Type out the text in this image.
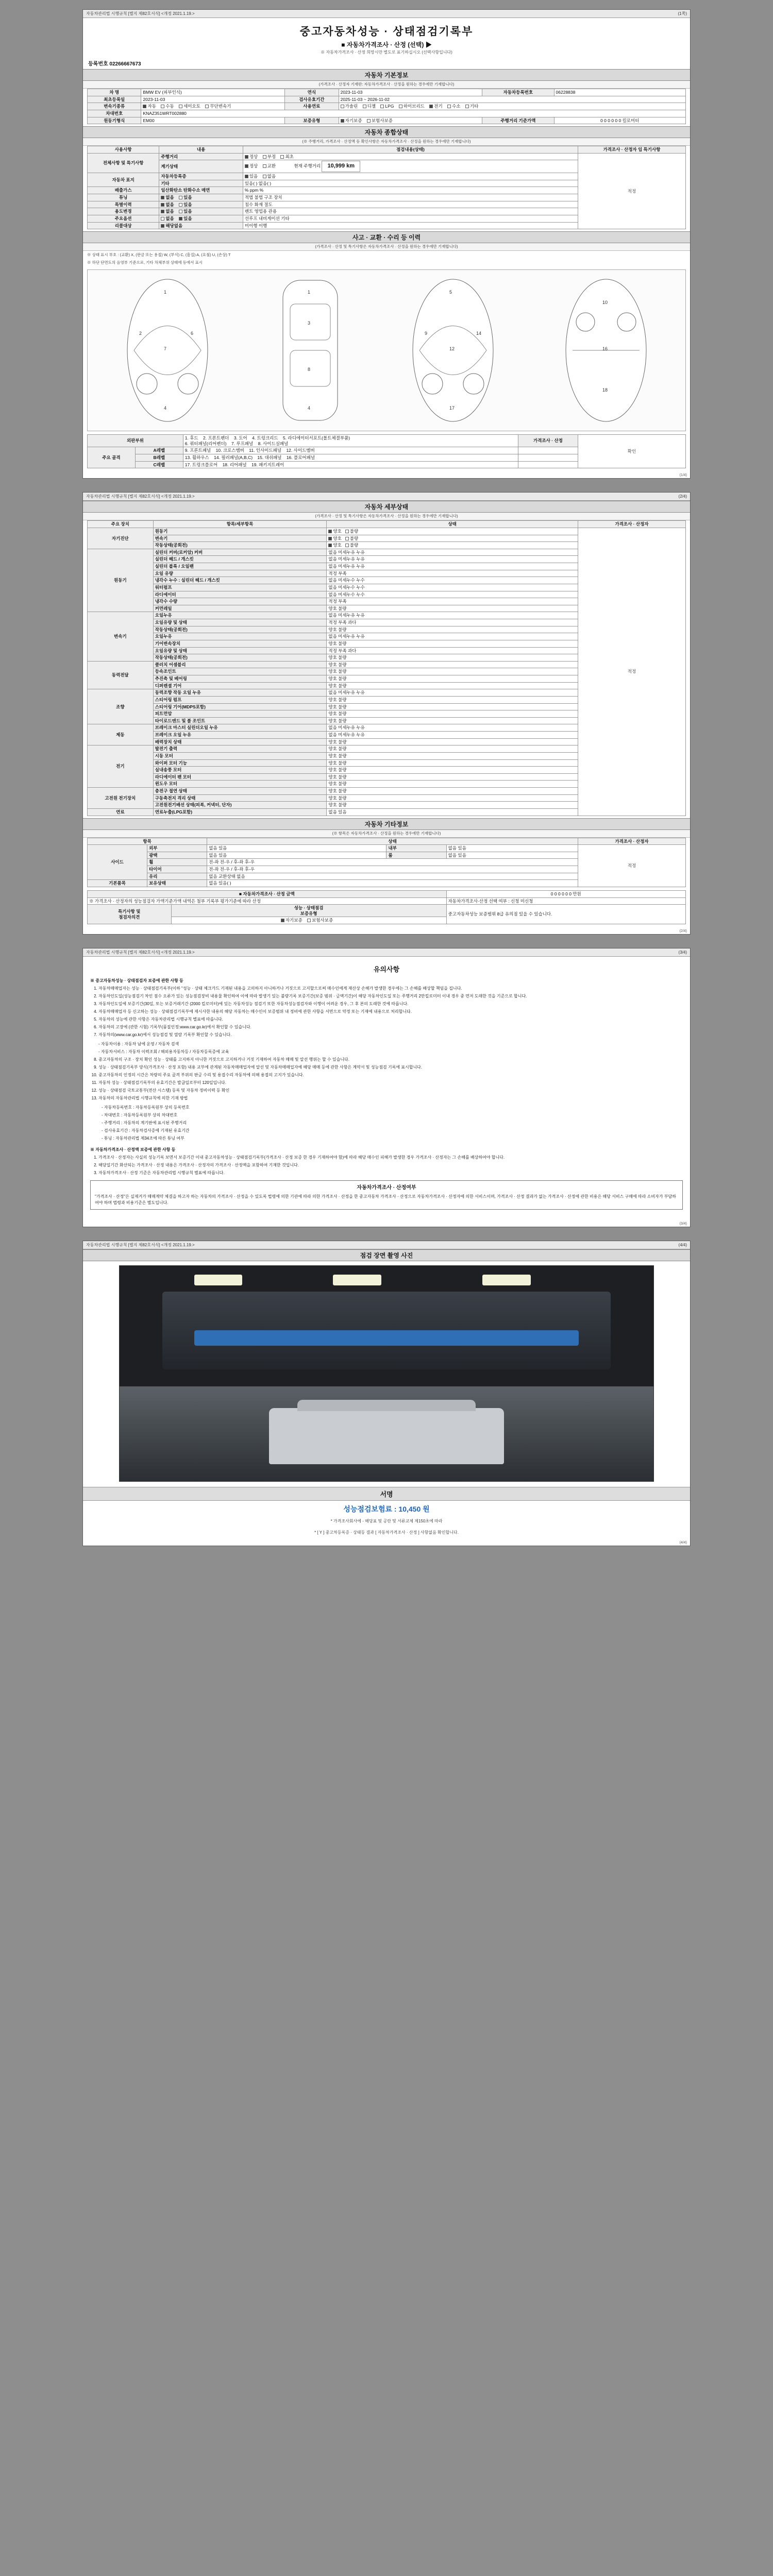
자동차관리법 시행규칙 [별지 제82호서식] <개정 2021.1.19.>	(1쪽)
중고자동차성능 · 상태점검기록부
■ 자동차가격조사 · 산정 (선택) ▶
※ 자동차가격조사 · 산정 희망시만 별도로 표기하십시오 (선택사항입니다)
등록번호 02266667673
자동차 기본정보
(가격조사 · 산정자 기재란: 자동차가격조사 · 산정을 원하는 경우에만 기재합니다)
차 명	BMW EV (피부인식)	연식	2023-11-03	자동차등록번호	06228838
최초등록일	2023-11-03	검사유효기간	2025-11-03 ~ 2026-11-02		
변속기종류	자동 수동 세미오토 무단변속기	사용연료	가솔린 디젤 LPG 하이브리드 전기 수소 기타		
차대번호	KNAZ351WRT002880				
원동기형식	EM00	보증유형	자기보증 보험사보증	주행거리 기준가액	0 0 0 0 0 0 킬로미터
자동차 종합상태
(※ 주행거리, 가격조사 · 산정액 등 확인사항은 자동차가격조사 · 산정을 원하는 경우에만 기재합니다)
사용사항	내용	점검내용(상태)	가격조사 · 산정자 임 특기사항
전체사항 및 특기사항	주행거리	정상 부정 최초	적정
	계기상태	정상 교환 현재 주행거리 10,999 km	
자동차 표지	자동차등록증	있음 없음	
	기타	있음( ) 없음( )	
배출가스	일산화탄소 탄화수소 매연	% ppm %	
튜닝	없음 있음	적법 불법 구조 장치	
특별이력	없음 있음	침수 화재 절도	
용도변경	없음 있음	렌트 영업용 관용	
주요옵션	없음 있음	선루프 내비게이션 기타	
리콜대상	해당없음	미이행 이행	
사고 · 교환 · 수리 등 이력
(가격조사 · 산정 및 특기사항은 자동차가격조사 · 산정을 원하는 경우에만 기재합니다)
※ 상태 표시 부호 : (교환) X, (판금 또는 용접) W, (부식) C, (흠집) A, (요철) U, (손상) T
※ 하단 단면도의 음영부 기준으로, 기타 차체부위 상태에 등에서 표시
1
2
7
6
4
1
3
8
4
5
9
12
14
17
10
16
18
외판부위		1. 후드 2. 프론트펜더 3. 도어 4. 트렁크리드 5. 라디에이터서포트(볼트체결부품)
6. 쿼터패널(리어펜더) 7. 루프패널 8. 사이드실패널	가격조사 · 산정	확인
주요 골격	A레벨	9. 프론트패널 10. 크로스멤버 11. 인사이드패널 12. 사이드멤버		
	B레벨	13. 휠하우스 14. 필러패널(A,B,C) 15. 대쉬패널 16. 플로어패널		
	C레벨	17. 트렁크플로어 18. 리어패널 19. 패키지트레이		
(1/4)
자동차관리법 시행규칙 [별지 제82호서식] <개정 2021.1.19.>	(2/4)
자동차 세부상태
(가격조사 · 산정 및 특기사항은 자동차가격조사 · 산정을 원하는 경우에만 기재합니다)
주요 장치	항목/세부항목	상태	가격조사 · 산정자
자기진단	원동기	양호 불량	적정
	변속기	양호 불량	
	작동상태(공회전)	양호 불량	
원동기	실린더 커버(로커암) 커버	없음 미세누유 누유	
	실린더 헤드 / 개스킷	없음 미세누유 누유	
	실린더 블록 / 오일팬	없음 미세누유 누유	
	오일 유량	적정 부족	
	냉각수 누수 : 실린더 헤드 / 개스킷	없음 미세누수 누수	
	워터펌프	없음 미세누수 누수	
	라디에이터	없음 미세누수 누수	
	냉각수 수량	적정 부족	
	커먼레일	양호 불량	
변속기	오일누유	없음 미세누유 누유	
	오일유량 및 상태	적정 부족 과다	
	작동상태(공회전)	양호 불량	
	오일누유	없음 미세누유 누유	
	기어변속장치	양호 불량	
	오일유량 및 상태	적정 부족 과다	
	작동상태(공회전)	양호 불량	
동력전달	클러치 어셈블리	양호 불량	
	등속조인트	양호 불량	
	추진축 및 베어링	양호 불량	
	디퍼렌셜 기어	양호 불량	
조향	동력조향 작동 오일 누유	없음 미세누유 누유	
	스티어링 펌프	양호 불량	
	스티어링 기어(MDPS포함)	양호 불량	
	피트먼암	양호 불량	
	타이로드엔드 및 볼 조인트	양호 불량	
제동	브레이크 마스터 실린더오일 누유	없음 미세누유 누유	
	브레이크 오일 누유	없음 미세누유 누유	
	배력장치 상태	양호 불량	
전기	발전기 출력	양호 불량	
	시동 모터	양호 불량	
	와이퍼 모터 기능	양호 불량	
	실내송풍 모터	양호 불량	
	라디에이터 팬 모터	양호 불량	
	윈도우 모터	양호 불량	
고전원 전기장치	충전구 절연 상태	양호 불량	
	구동축전지 격리 상태	양호 불량	
	고전원전기배선 상태(피복, 커넥터, 단자)	양호 불량	
연료	연료누출(LPG포함)	없음 있음	
자동차 기타정보
(※ 항목은 자동차가격조사 · 산정을 원하는 경우에만 기재합니다)
항목		상태			가격조사 · 산정자
사이드	외부	없음 있음	내부	없음 있음	적정
	광택	없음 있음	룸	없음 있음	
	휠	전-좌 전-우 / 후-좌 후-우			
	타이어	전-좌 전-우 / 후-좌 후-우			
	유리	없음 교환상태 없음			
기본품목	보유상태	없음 있음( )			
■ 자동차가격조사 · 산정 금액		0 0 0 0 0 0 만원
※ 가격조사 · 산정자의 성능점검자 가액기준가액 내역은 첨부 기록부 평가기준에 따라 산정		자동차가격조사·산정 선택 여부 : 신청 미신청
특기사항 및
점검자의견	성능 · 상태점검
보증유형	중고자동차성능 보증범위 8급 유의점 있을 수 있습니다.
	자기보증 보험사보증	
(2/4)
자동차관리법 시행규칙 [별지 제82호서식] <개정 2021.1.19.>	(3/4)
유의사항

※ 중고자동차성능 · 상태점검자 보증에 관한 사항 등

1. 자동차매매업자는 성능 · 상태점검기록부(이하 "성능 · 상태 체크카드 기재된 내용을 고의하지 아니하거나 거짓으로 고지할으로써 매수인에게 재산상 손해가 발생한 경우에는 그 손해를 배상할 책임을 집니다.
2. 자동차인도일(성능점검기 차인 점수 오류가 있는 성능점검장비 내용물 확인하여 이에 따라 발생기 있는 불량기록 보증기간(보증 범위 · 금액기간)이 해당 자동차인도일 또는 주행거리 2만킬로미터 이내 경우 중 먼저 도래한 것을 기준으로 합니다.
3. 자동차인도일에 보증기간(30일, 또는 보증거래기간 (2000 킬로미터)에 있는 자동차성능 점검기 또한 자동차성능점검자와 이행이 어려운 경우, 그 후 본의 도래한 것에 따릅니다.
4. 자동차매매업자 등 신고하는 성능 · 상태점검기록부에 제시사한 내용의 해당 자동차는 매수인이 보증범위 내 정비에 관한 사항을 서면으로 약정 또는 기재에 내용으로 처리합니다.
5. 자동차의 성능에 관한 사항은 자동차관리법 시행규칙 별표에 따릅니다.
6. 자동차의 고장에 (관한 시험) 기록부(품질인정:www.car.go.kr)에서 확인할 수 있습니다.
7. 자동차의(www.car.go.kr)에서 성능점검 및 열람 기록부 확인할 수 있습니다.

- 자동차이용 : 자동차 남에 운영 / 자동차 검색

- 자동차서비스 : 자동차 이력조회 / 해외용자동차등 / 자동차등록증에 교육

8. 중고자동차의 구조 · 장치 확인 성능 · 상태를 고지하지 아니한 거짓으로 고지하거나 거짓 기재하여 자동차 매매 및 알선 행위는 할 수 있습니다.
9. 성능 · 상태점검기록부 양식(가격조사 · 산정 포함) 내용 교부에 관계된 자동차매매업자에 알선 및 자동차매매업자에 해당 매매 등에 관한 사항은 계약서 및 성능점검 기록에 표시합니다.
10. 중고자동차의 인정의 시간은 차량의 주요 골격 부위의 판금 수리 및 용접수리 자동차에 의해 용접의 고지가 있습니다.
11. 자동차 성능 · 상태점검기록부의 유효기간은 발급일로부터 120일입니다.
12. 성능 · 상태점검 국토교통부(전산 시스템) 등록 및 자동차 정비이력 등 확인
13. 자동차의 자동차관리법 시행규칙에 의한 기재 방법

- 자동차등록번호 : 자동차등록원부 상의 등록번호

- 차대번호 : 자동차등록원부 상의 차대번호

- 주행거리 : 자동차의 계기판에 표시된 주행거리

- 검사유효기간 : 자동차검사증에 기재된 유효기간

- 튜닝 : 자동차관리법 제34조에 따른 튜닝 여부

※ 자동차가격조사 · 산정액 보증에 관한 사항 등

1. 가격조사 · 산정자는 사실의 성능기록 보면서 보증기간 이내 중고자동차성능 · 상태점검기록부(가격조사 · 산정 보증 한 경우 기재하여야 함)에 따라 해당 매수인 피해가 발생한 경우 가격조사 · 산정자는 그 손해를 배상하여야 합니다.
2. 해당일기간 화산되는 가격조사 · 산정 내용은 가격조사 · 산정자의 가격조사 · 산정액을 포함하여 기재한 것입니다.
3. 자동차가격조사 · 산정 기준은 자동차관리법 시행규칙 별표에 따릅니다.
자동차가격조사 · 산정여부
"가격조사 · 산정"은 실제거가 매매계약 체결을 하고자 하는 자동차의 가격조사 · 산정을 수 있도록 법령에 의한 기관에 따라 의한 가격조사 · 산정을 한 중고자동차 가격조사 · 산정으로 자동차가격조사 · 산정자에 의한 서비스이며, 가격조사 · 산정 결과가 없는 가격조사 · 산정에 관한 비용은 해당 서비스 구매에 따라 소비자가 부담하여야 하며 법령과 비용기준은 별도입니다.
(3/4)
자동차관리법 시행규칙 [별지 제82호서식] <개정 2021.1.19.>	(4/4)
점검 장면 촬영 사진
서명
성능점검보험료 : 10,450 원
* 가격조사회사에 - 해당표 및 공란 및 서류교체 제150초에 따라
* [ Y ] 중고차등록증 · 상태등 결과 [ 자동차가격조사 · 산정 ] 사항없음 확인합니다.
(4/4)
